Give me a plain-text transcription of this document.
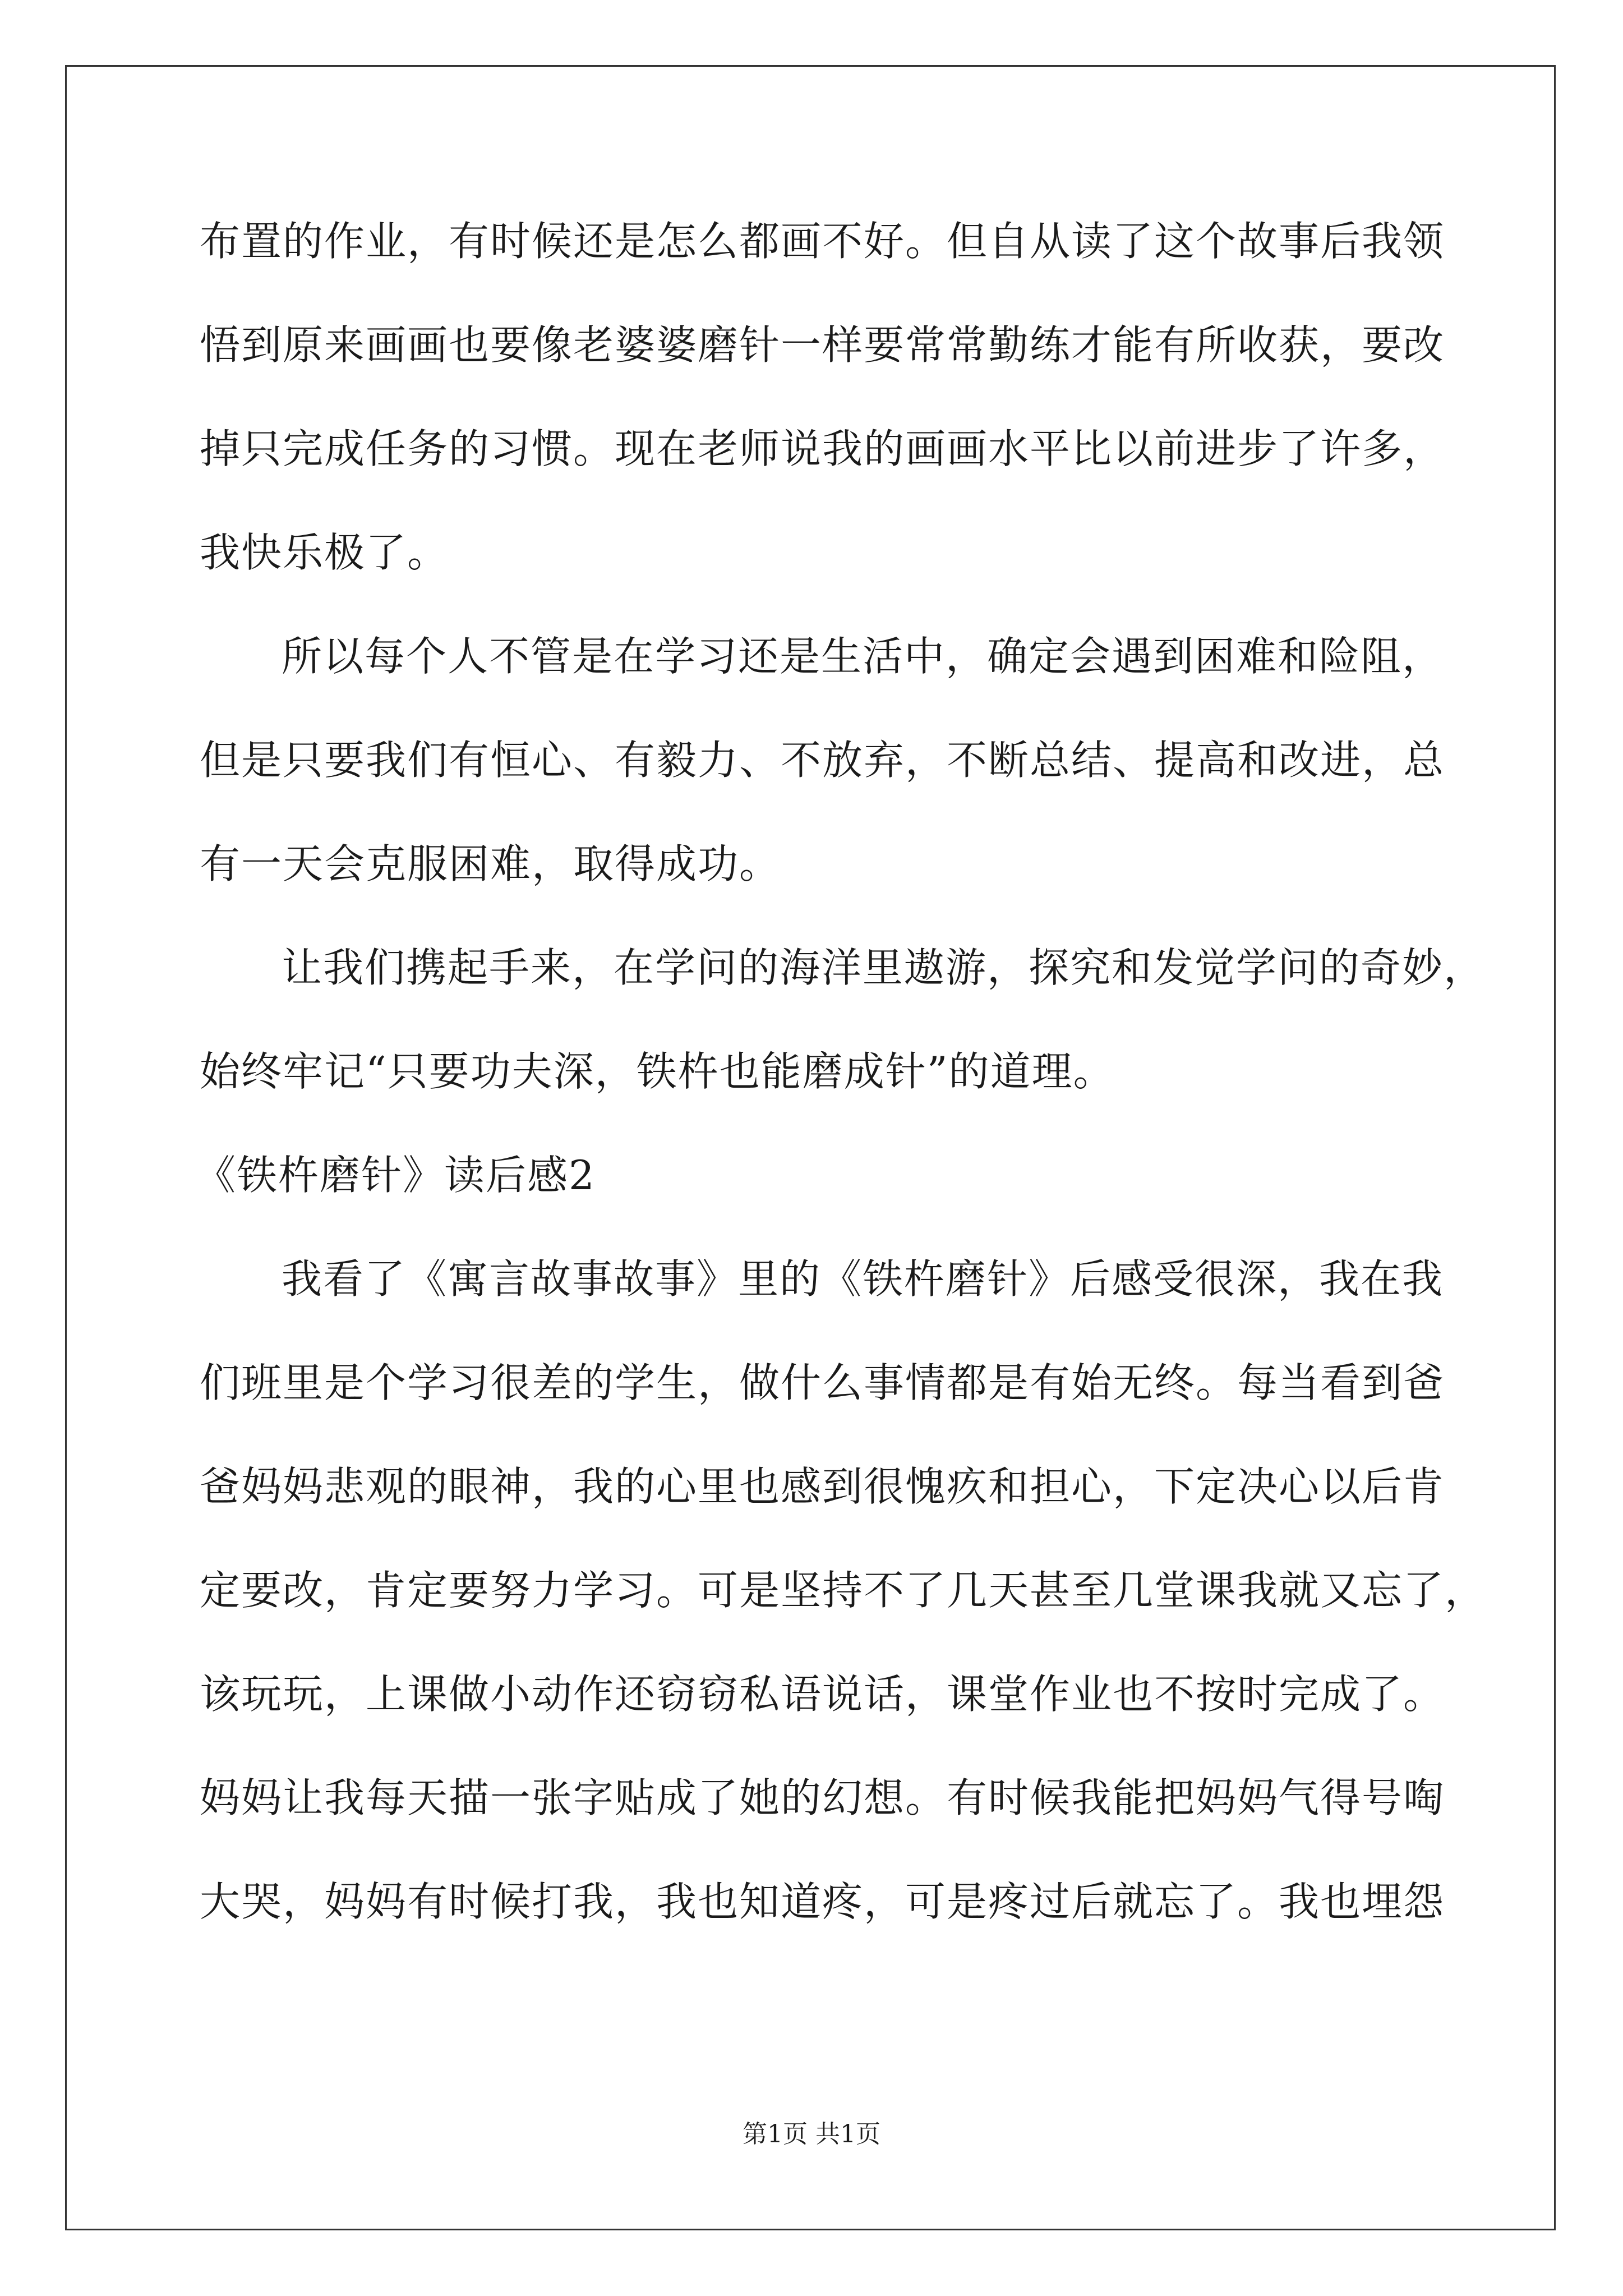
布置的作业，有时候还是怎么都画不好。但自从读了这个故事后我领
悟到原来画画也要像老婆婆磨针一样要常常勤练才能有所收获，要改
掉只完成任务的习惯。现在老师说我的画画水平比以前进步了许多，
我快乐极了。
所以每个人不管是在学习还是生活中，确定会遇到困难和险阻，
但是只要我们有恒心、有毅力、不放弃，不断总结、提高和改进，总
有一天会克服困难，取得成功。
让我们携起手来，在学问的海洋里遨游，探究和发觉学问的奇妙，
始终牢记“只要功夫深，铁杵也能磨成针”的道理。
《铁杵磨针》读后感2
我看了《寓言故事故事》里的《铁杵磨针》后感受很深，我在我
们班里是个学习很差的学生，做什么事情都是有始无终。每当看到爸
爸妈妈悲观的眼神，我的心里也感到很愧疚和担心，下定决心以后肯
定要改，肯定要努力学习。可是坚持不了几天甚至几堂课我就又忘了，
该玩玩，上课做小动作还窃窃私语说话，课堂作业也不按时完成了。
妈妈让我每天描一张字贴成了她的幻想。有时候我能把妈妈气得号啕
大哭，妈妈有时候打我，我也知道疼，可是疼过后就忘了。我也埋怨
第1页 共1页
